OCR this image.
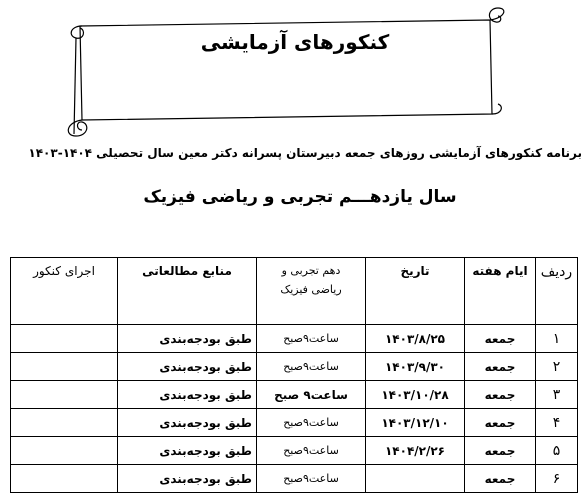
کنکورهای آزمایشی
برنامه کنکورهای آزمایشی روزهای جمعه دبیرستان پسرانه دکتر معین سال تحصیلی ۱۴۰۴-۱۴۰۳
سال یازدهـــم تجربی و ریاضی فیزیک
ردیف	ایام هفته	تاریخ	دهم تجربی و
ریاضی فیزیک	منابع مطالعاتی	اجرای کنکور
۱	جمعه	۱۴۰۳/۸/۲۵	ساعت۹صبح	طبق بودجه‌بندی	
۲	جمعه	۱۴۰۳/۹/۳۰	ساعت۹صبح	طبق بودجه‌بندی	
۳	جمعه	۱۴۰۳/۱۰/۲۸	ساعت۹ صبح	طبق بودجه‌بندی	
۴	جمعه	۱۴۰۳/۱۲/۱۰	ساعت۹صبح	طبق بودجه‌بندی	
۵	جمعه	۱۴۰۴/۲/۲۶	ساعت۹صبح	طبق بودجه‌بندی	
۶	جمعه		ساعت۹صبح	طبق بودجه‌بندی	
